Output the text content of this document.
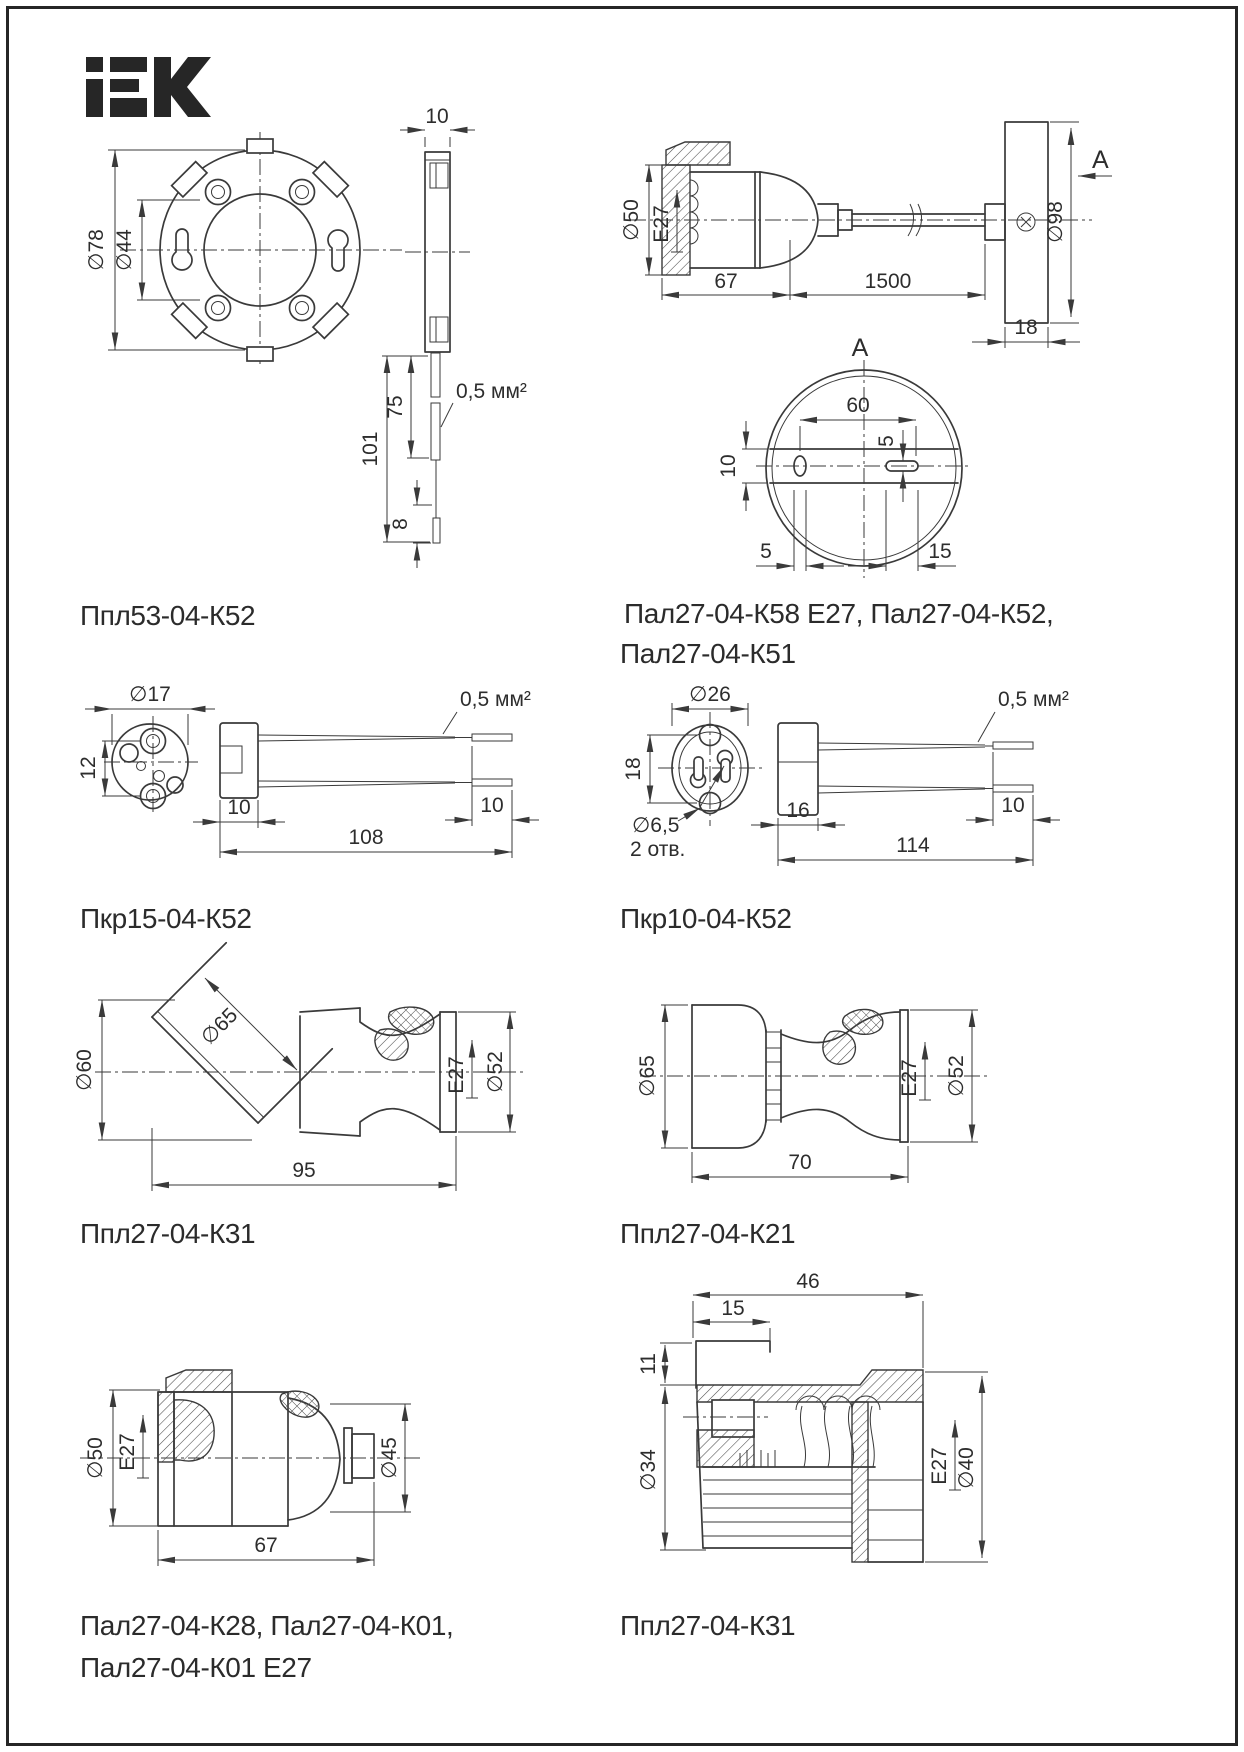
∅78 ∅44
10
101
75
8
0,5 мм²
A
∅98
18
∅50 E27
67	1500
A
60
5
10
5	15
∅17
12
10
108
10
0,5 мм²	∅26
18
∅6,5
2 отв.
16
114
10
0,5 мм²
∅65
∅60
95
E27 ∅52	∅65	E27 ∅52
70
∅50 E27	∅45
67
46
15
11
∅34	E27 ∅40
Ппл53-04-К52	Пал27-04-К58 Е27, Пал27-04-К52,
Пал27-04-К51
Пкр15-04-К52	Пкр10-04-К52
Ппл27-04-К31	Ппл27-04-К21
Пал27-04-К28, Пал27-04-К01,
Пал27-04-К01 Е27
Ппл27-04-К31
